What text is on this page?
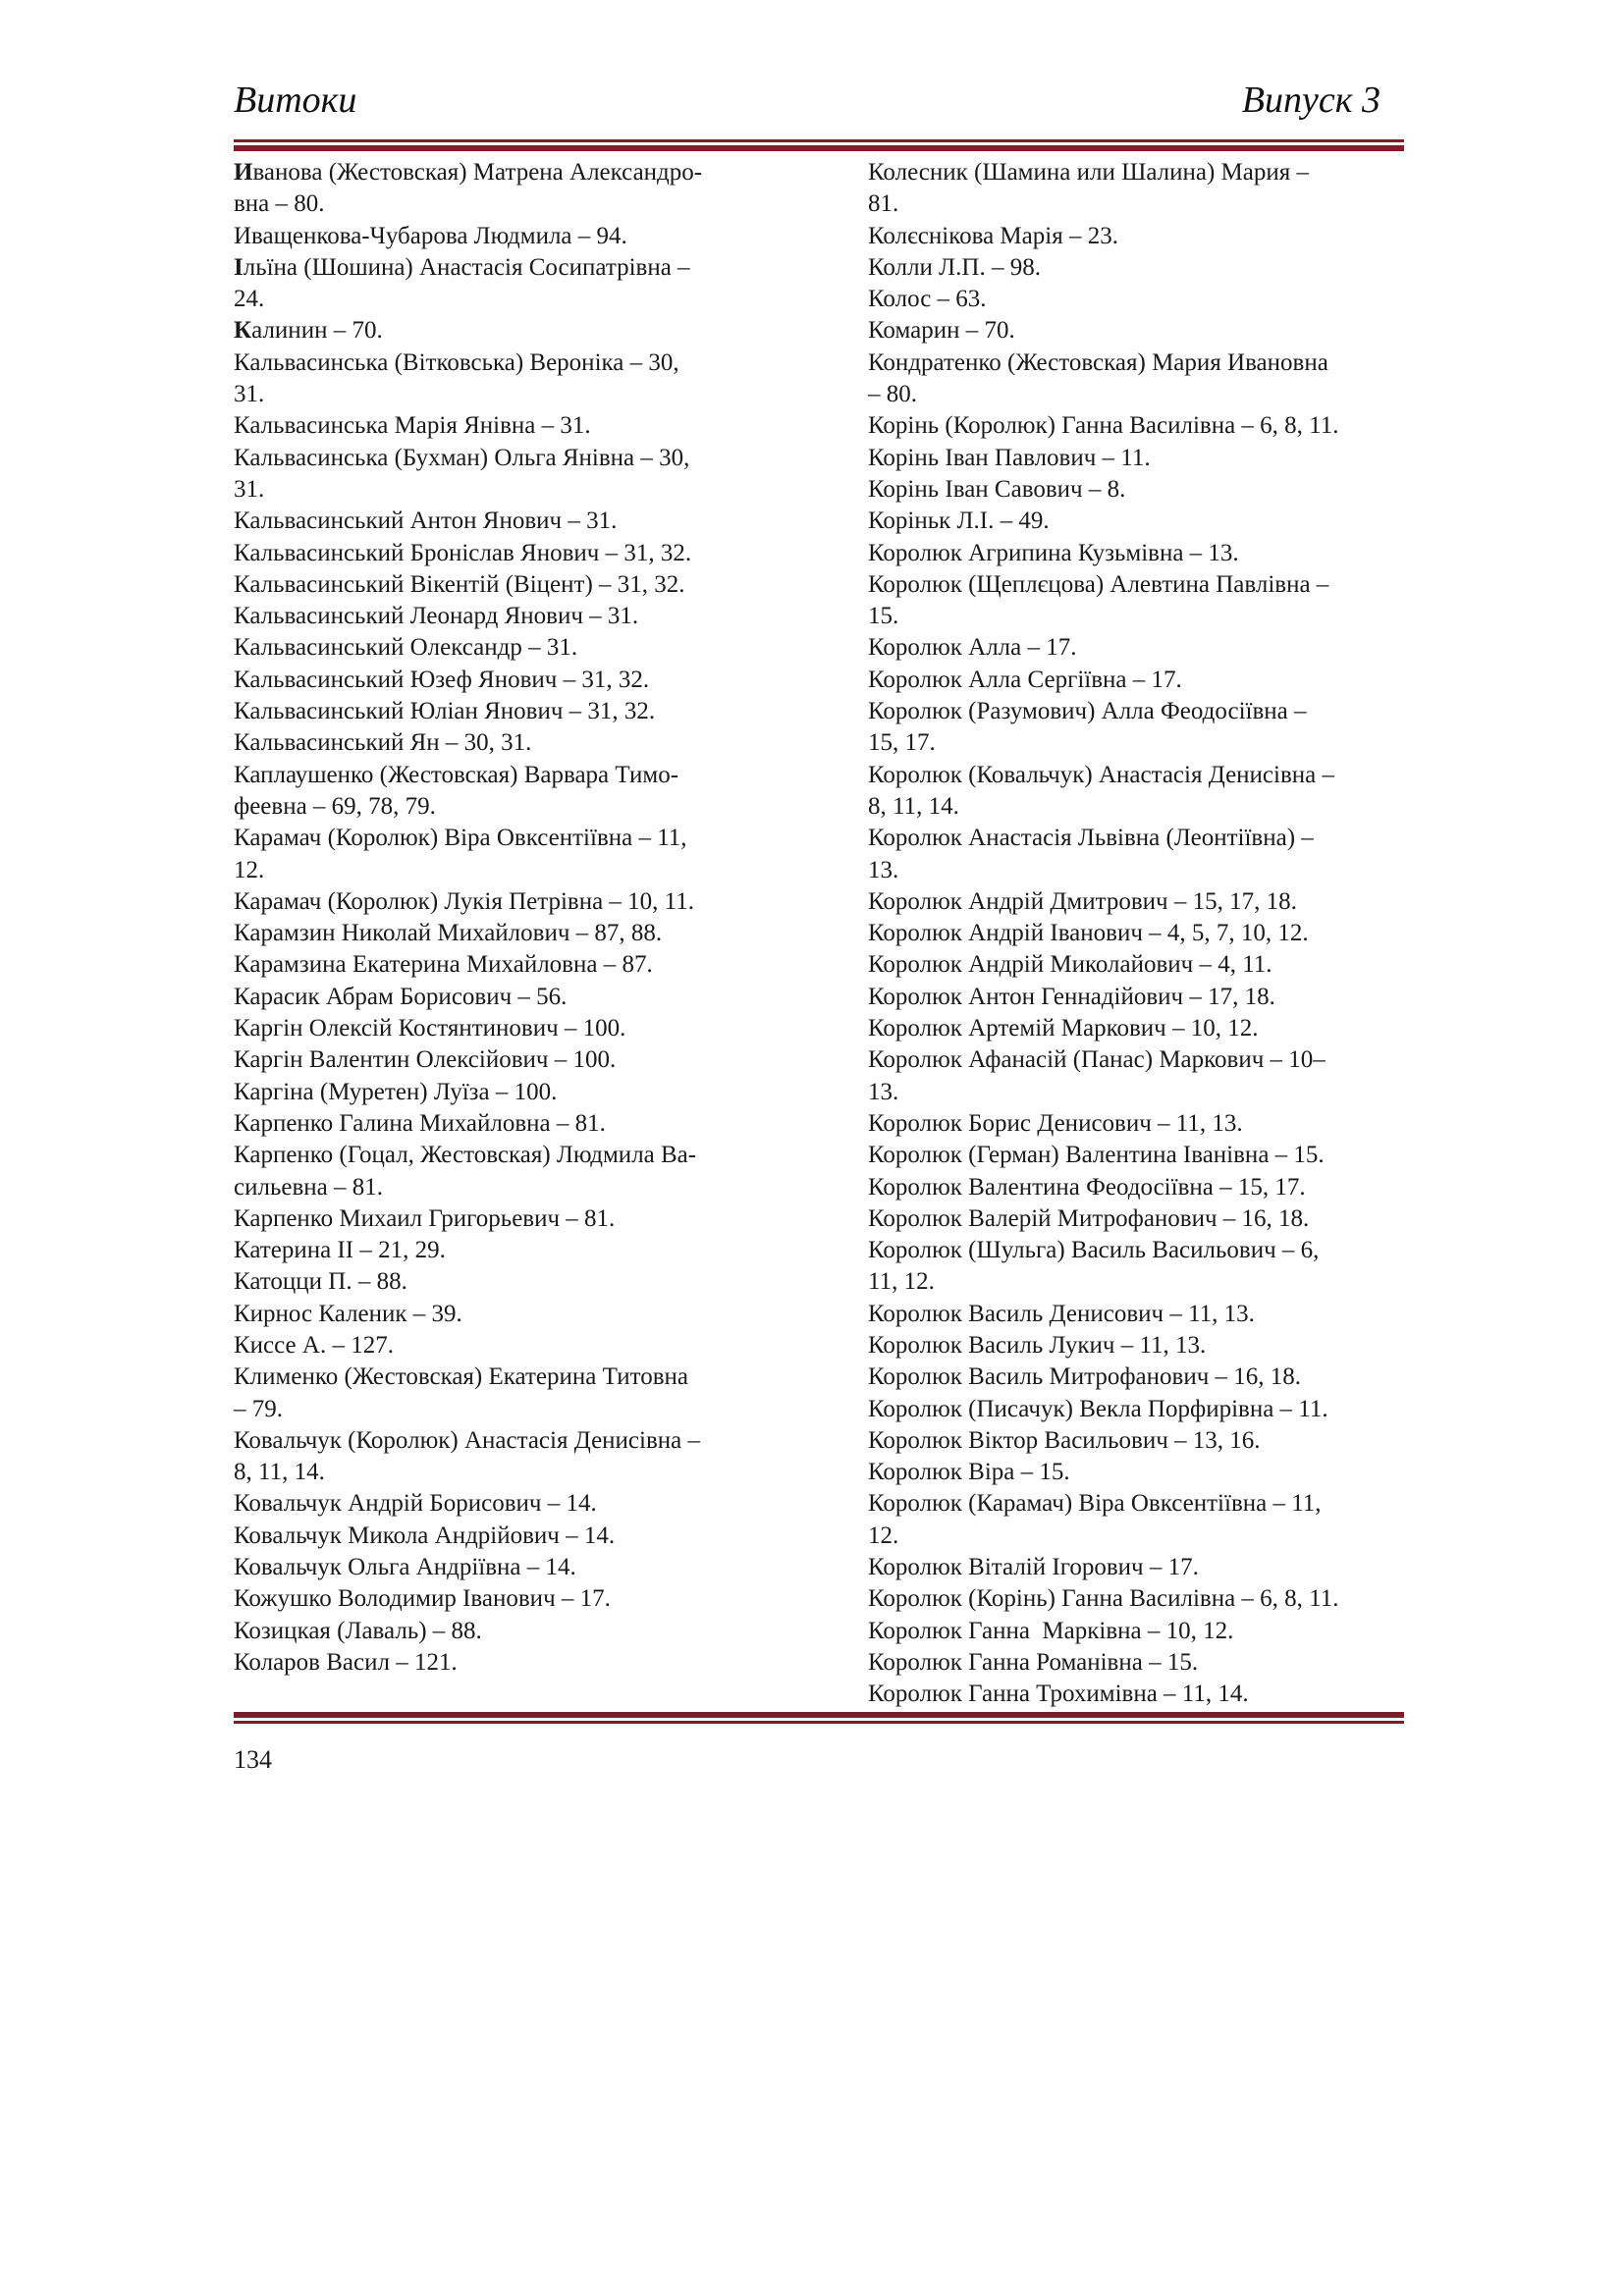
Витоки	Випуск 3
Иванова (Жестовская) Матрена Александро-
вна – 80.
Иващенкова-Чубарова Людмила – 94.
Ільїна (Шошина) Анастасія Сосипатрівна –
24.
Калинин – 70.
Кальвасинська (Вітковська) Вероніка – 30,
31.
Кальвасинська Марія Янівна – 31.
Кальвасинська (Бухман) Ольга Янівна – 30,
31.
Кальвасинський Антон Янович – 31.
Кальвасинський Броніслав Янович – 31, 32.
Кальвасинський Вікентій (Віцент) – 31, 32.
Кальвасинський Леонард Янович – 31.
Кальвасинський Олександр – 31.
Кальвасинський Юзеф Янович – 31, 32.
Кальвасинський Юліан Янович – 31, 32.
Кальвасинський Ян – 30, 31.
Каплаушенко (Жестовская) Варвара Тимо-
феевна – 69, 78, 79.
Карамач (Королюк) Віра Овксентіївна – 11,
12.
Карамач (Королюк) Лукія Петрівна – 10, 11.
Карамзин Николай Михайлович – 87, 88.
Карамзина Екатерина Михайловна – 87.
Карасик Абрам Борисович – 56.
Каргін Олексій Костянтинович – 100.
Каргін Валентин Олексійович – 100.
Каргіна (Муретен) Луїза – 100.
Карпенко Галина Михайловна – 81.
Карпенко (Гоцал, Жестовская) Людмила Ва-
сильевна – 81.
Карпенко Михаил Григорьевич – 81.
Катерина ІІ – 21, 29.
Катоцци П. – 88.
Кирнос Каленик – 39.
Киссе А. – 127.
Клименко (Жестовская) Екатерина Титовна
– 79.
Ковальчук (Королюк) Анастасія Денисівна –
8, 11, 14.
Ковальчук Андрій Борисович – 14.
Ковальчук Микола Андрійович – 14.
Ковальчук Ольга Андріївна – 14.
Кожушко Володимир Іванович – 17.
Козицкая (Лаваль) – 88.
Коларов Васил – 121.
Колесник (Шамина или Шалина) Мария –
81.
Колєснікова Марія – 23.
Колли Л.П. – 98.
Колос – 63.
Комарин – 70.
Кондратенко (Жестовская) Мария Ивановна
– 80.
Корінь (Королюк) Ганна Василівна – 6, 8, 11.
Корінь Іван Павлович – 11.
Корінь Іван Савович – 8.
Коріньк Л.І. – 49.
Королюк Агрипина Кузьмівна – 13.
Королюк (Щеплєцова) Алевтина Павлівна –
15.
Королюк Алла – 17.
Королюк Алла Сергіївна – 17.
Королюк (Разумович) Алла Феодосіївна –
15, 17.
Королюк (Ковальчук) Анастасія Денисівна –
8, 11, 14.
Королюк Анастасія Львівна (Леонтіївна) –
13.
Королюк Андрій Дмитрович – 15, 17, 18.
Королюк Андрій Іванович – 4, 5, 7, 10, 12.
Королюк Андрій Миколайович – 4, 11.
Королюк Антон Геннадійович – 17, 18.
Королюк Артемій Маркович – 10, 12.
Королюк Афанасій (Панас) Маркович – 10–
13.
Королюк Борис Денисович – 11, 13.
Королюк (Герман) Валентина Іванівна – 15.
Королюк Валентина Феодосіївна – 15, 17.
Королюк Валерій Митрофанович – 16, 18.
Королюк (Шульга) Василь Васильович – 6,
11, 12.
Королюк Василь Денисович – 11, 13.
Королюк Василь Лукич – 11, 13.
Королюк Василь Митрофанович – 16, 18.
Королюк (Писачук) Векла Порфирівна – 11.
Королюк Віктор Васильович – 13, 16.
Королюк Віра – 15.
Королюк (Карамач) Віра Овксентіївна – 11,
12.
Королюк Віталій Ігорович – 17.
Королюк (Корінь) Ганна Василівна – 6, 8, 11.
Королюк Ганна  Марківна – 10, 12.
Королюк Ганна Романівна – 15.
Королюк Ганна Трохимівна – 11, 14.
134
